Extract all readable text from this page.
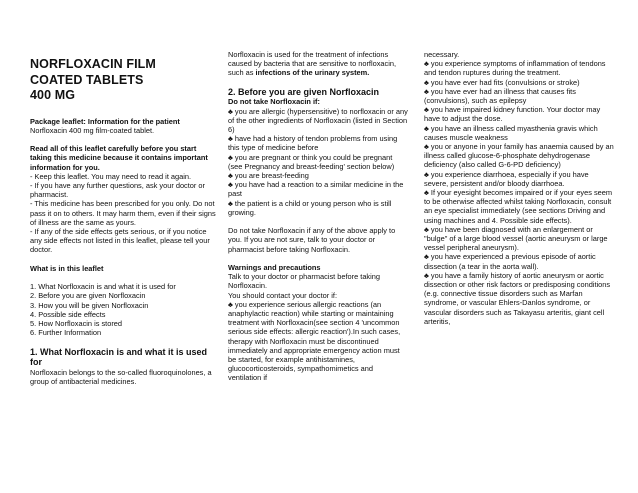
NORFLOXACIN FILM
COATED TABLETS
400 MG

Package leaflet: Information for the patient

Norfloxacin 400 mg film-coated tablet.

Read all of this leaflet carefully before you start taking this medicine because it contains important information for you.

- Keep this leaflet. You may need to read it again.

- If you have any further questions, ask your doctor or pharmacist.

- This medicine has been prescribed for you only. Do not pass it on to others. It may harm them, even if their signs of illness are the same as yours.

- If any of the side effects gets serious, or if you notice any side effects not listed in this leaflet, please tell your doctor.

What is in this leaflet

1. What Norfloxacin is and what it is used for

2. Before you are given Norfloxacin

3. How you will be given Norfloxacin

4. Possible side effects

5. How Norfloxacin is stored

6. Further Information

1. What Norfloxacin is and what it is used for

Norfloxacin belongs to the so-called fluoroquinolones, a group of antibacterial medicines.

Norfloxacin is used for the treatment of infections caused by bacteria that are sensitive to norfloxacin, such as infections of the urinary system.

2. Before you are given Norfloxacin

Do not take Norfloxacin if:

♣ you are allergic (hypersensitive) to norfloxacin or any of the other ingredients of Norfloxacin (listed in Section 6)

♣ have had a history of tendon problems from using this type of medicine before

♣ you are pregnant or think you could be pregnant (see Pregnancy and breast-feeding' section below)

♣ you are breast-feeding

♣ you have had a reaction to a similar medicine in the past

♣ the patient is a child or young person who is still growing.

Do not take Norfloxacin if any of the above apply to you. If you are not sure, talk to your doctor or pharmacist before taking Norfloxacin.

Warnings and precautions

Talk to your doctor or pharmacist before taking Norfloxacin.

You should contact your doctor if:

♣ you experience serious allergic reactions (an anaphylactic reaction) while starting or maintaining treatment with Norfloxacin(see section 4 'uncommon serious side effects: allergic reaction').In such cases, therapy with Norfloxacin must be discontinued immediately and appropriate emergency action must be started, for example antihistamines, glucocorticosteroids, sympathomimetics and ventilation if

necessary.

♣ you experience symptoms of inflammation of tendons and tendon ruptures during the treatment.

♣ you have ever had fits (convulsions or stroke)

♣ you have ever had an illness that causes fits (convulsions), such as epilepsy

♣ you have impaired kidney function. Your doctor may have to adjust the dose.

♣ you have an illness called myasthenia gravis which causes muscle weakness

♣ you or anyone in your family has anaemia caused by an illness called glucose-6-phosphate dehydrogenase deficiency (also called G-6-PD deficiency)

♣ you experience diarrhoea, especially if you have severe, persistent and/or bloody diarrhoea.

♣ If your eyesight becomes impaired or if your eyes seem to be otherwise affected whilst taking Norfloxacin, consult an eye specialist immediately (see sections Driving and using machines and 4. Possible side effects).

♣ you have been diagnosed with an enlargement or "bulge" of a large blood vessel (aortic aneurysm or large vessel peripheral aneurysm).

♣ you have experienced a previous episode of aortic dissection (a tear in the aorta wall).

♣ you have a family history of aortic aneurysm or aortic dissection or other risk factors or predisposing conditions (e.g. connective tissue disorders such as Marfan syndrome, or vascular Ehlers-Danlos syndrome, or vascular disorders such as Takayasu arteritis, giant cell arteritis,
